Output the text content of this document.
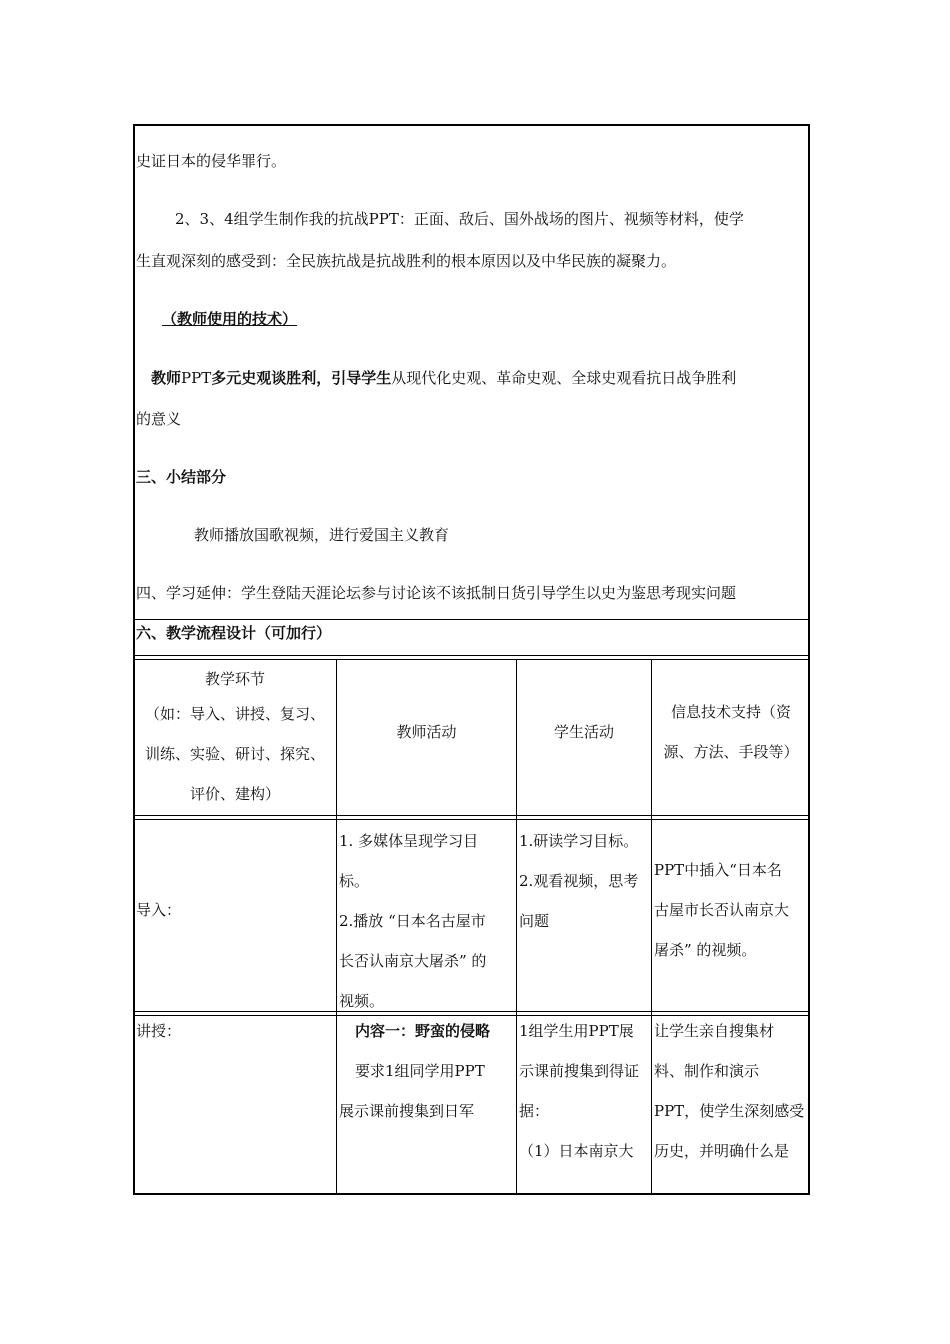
史证日本的侵华罪行。
2、3、4组学生制作我的抗战PPT：正面、敌后、国外战场的图片、视频等材料，使学
生直观深刻的感受到：全民族抗战是抗战胜利的根本原因以及中华民族的凝聚力。
（教师使用的技术）
教师PPT多元史观谈胜利，引导学生从现代化史观、革命史观、全球史观看抗日战争胜利
的意义
三、小结部分
教师播放国歌视频，进行爱国主义教育
四、学习延伸：学生登陆天涯论坛参与讨论该不该抵制日货引导学生以史为鉴思考现实问题
六、教学流程设计（可加行）
教学环节
（如：导入、讲授、复习、
训练、实验、研讨、探究、
评价、建构）
教师活动	学生活动
信息技术支持（资
源、方法、手段等）
导入：
1. 多媒体呈现学习目
标。
2.播放 “日本名古屋市
长否认南京大屠杀” 的
视频。
1.研读学习目标。
2.观看视频，思考
问题
PPT中插入“日本名
古屋市长否认南京大
屠杀” 的视频。
讲授：	内容一：野蛮的侵略
要求1组同学用PPT
展示课前搜集到日军
1组学生用PPT展
示课前搜集到得证
据：
（1）日本南京大
让学生亲自搜集材
料、制作和演示
PPT，使学生深刻感受
历史，并明确什么是
